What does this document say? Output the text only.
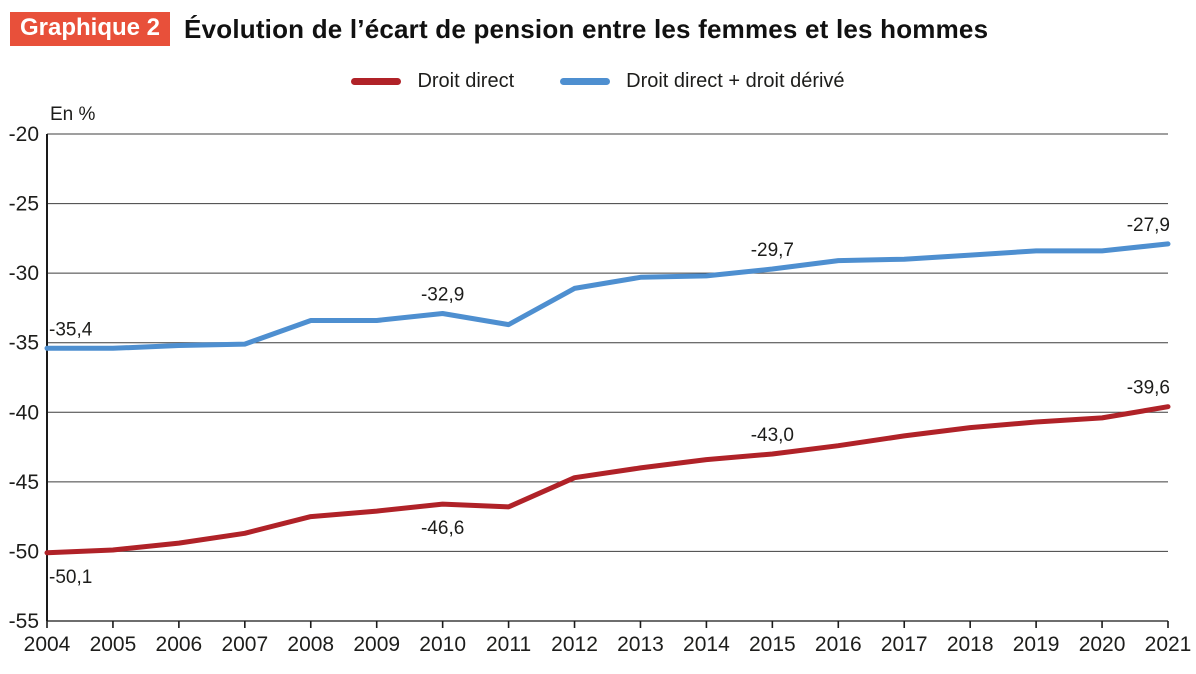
Graphique 2 Évolution de l’écart de pension entre les femmes et les hommes
Droit direct	Droit direct + droit dérivé
En %
-20
-25
-30
-35
-40
-45
-50
-55
2004 2005 2006 2007 2008 2009 2010 2011 2012 2013 2014 2015 2016 2017 2018 2019 2020 2021
-35,4
-32,9
-29,7
-27,9
-50,1
-46,6
-43,0
-39,6
